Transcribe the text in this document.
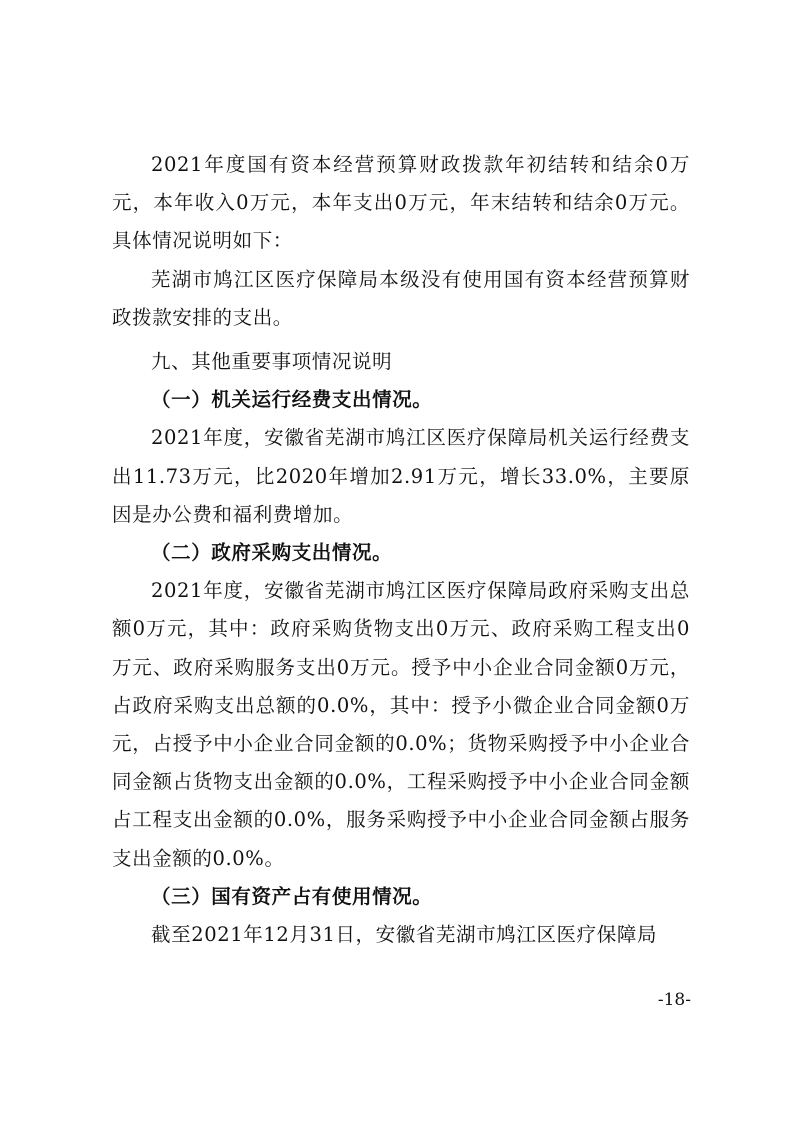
2021年度国有资本经营预算财政拨款年初结转和结余0万元，本年收入0万元，本年支出0万元，年末结转和结余0万元。具体情况说明如下：

芜湖市鸠江区医疗保障局本级没有使用国有资本经营预算财政拨款安排的支出。

九、其他重要事项情况说明

（一）机关运行经费支出情况。

2021年度，安徽省芜湖市鸠江区医疗保障局机关运行经费支出11.73万元，比2020年增加2.91万元，增长33.0%，主要原因是办公费和福利费增加。

（二）政府采购支出情况。

2021年度，安徽省芜湖市鸠江区医疗保障局政府采购支出总额0万元，其中：政府采购货物支出0万元、政府采购工程支出0万元、政府采购服务支出0万元。授予中小企业合同金额0万元，占政府采购支出总额的0.0%，其中：授予小微企业合同金额0万元，占授予中小企业合同金额的0.0%；货物采购授予中小企业合同金额占货物支出金额的0.0%，工程采购授予中小企业合同金额占工程支出金额的0.0%，服务采购授予中小企业合同金额占服务支出金额的0.0%。

（三）国有资产占有使用情况。

截至2021年12月31日，安徽省芜湖市鸠江区医疗保障局

-18-
